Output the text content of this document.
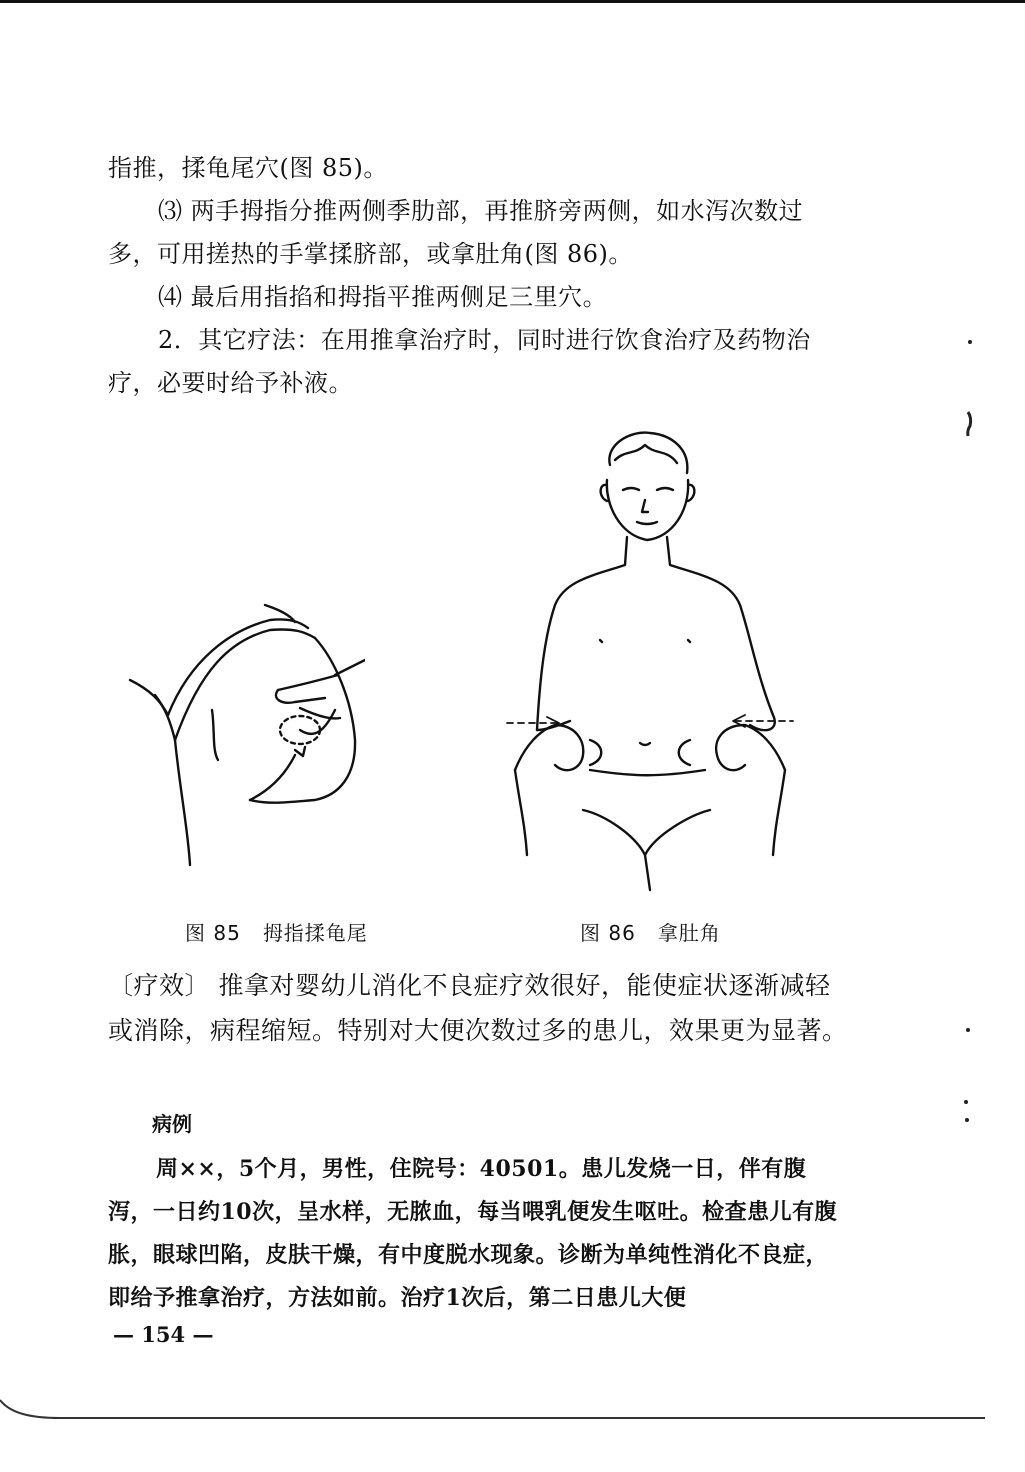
指推，揉龟尾穴(图 85)。

⑶ 两手拇指分推两侧季肋部，再推脐旁两侧，如水泻次数过多，可用搓热的手掌揉脐部，或拿肚角(图 86)。

⑷ 最后用指掐和拇指平推两侧足三里穴。

2．其它疗法：在用推拿治疗时，同时进行饮食治疗及药物治疗，必要时给予补液。

图 85 拇指揉龟尾	图 86 拿肚角

〔疗效〕 推拿对婴幼儿消化不良症疗效很好，能使症状逐渐减轻或消除，病程缩短。特别对大便次数过多的患儿，效果更为显著。

病例

周××，5个月，男性，住院号：40501。患儿发烧一日，伴有腹泻，一日约10次，呈水样，无脓血，每当喂乳便发生呕吐。检查患儿有腹胀，眼球凹陷，皮肤干燥，有中度脱水现象。诊断为单纯性消化不良症，即给予推拿治疗，方法如前。治疗1次后，第二日患儿大便

— 154 —
